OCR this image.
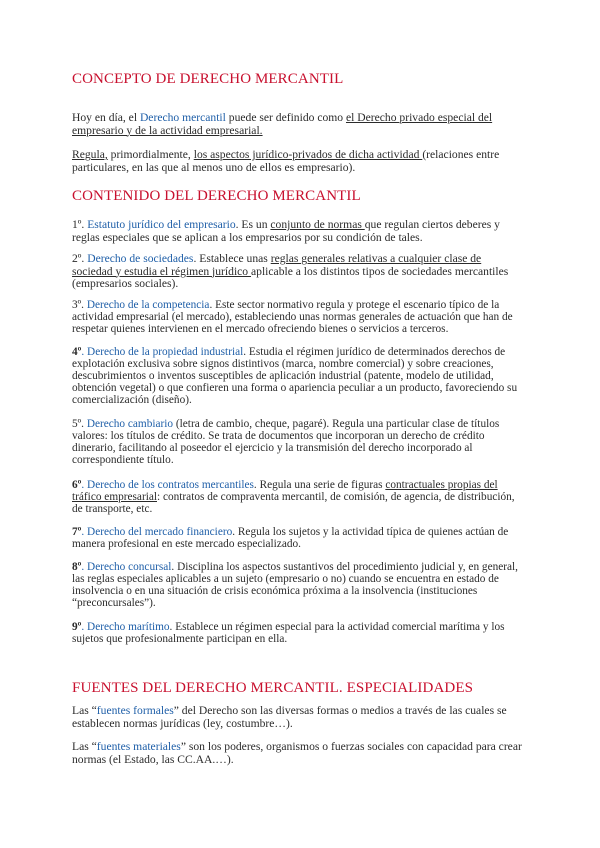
CONCEPTO DE DERECHO MERCANTIL

Hoy en día, el Derecho mercantil puede ser definido como el Derecho privado especial del empresario y de la actividad empresarial.

Regula, primordialmente, los aspectos jurídico-privados de dicha actividad (relaciones entre particulares, en las que al menos uno de ellos es empresario).

CONTENIDO DEL DERECHO MERCANTIL

1º. Estatuto jurídico del empresario. Es un conjunto de normas que regulan ciertos deberes y reglas especiales que se aplican a los empresarios por su condición de tales.

2º. Derecho de sociedades. Establece unas reglas generales relativas a cualquier clase de sociedad y estudia el régimen jurídico aplicable a los distintos tipos de sociedades mercantiles (empresarios sociales).

3º. Derecho de la competencia. Este sector normativo regula y protege el escenario típico de la actividad empresarial (el mercado), estableciendo unas normas generales de actuación que han de respetar quienes intervienen en el mercado ofreciendo bienes o servicios a terceros.

4º. Derecho de la propiedad industrial. Estudia el régimen jurídico de determinados derechos de explotación exclusiva sobre signos distintivos (marca, nombre comercial) y sobre creaciones, descubrimientos o inventos susceptibles de aplicación industrial (patente, modelo de utilidad, obtención vegetal) o que confieren una forma o apariencia peculiar a un producto, favoreciendo su comercialización (diseño).

5º. Derecho cambiario (letra de cambio, cheque, pagaré). Regula una particular clase de títulos valores: los títulos de crédito. Se trata de documentos que incorporan un derecho de crédito dinerario, facilitando al poseedor el ejercicio y la transmisión del derecho incorporado al correspondiente título.

6º. Derecho de los contratos mercantiles. Regula una serie de figuras contractuales propias del tráfico empresarial: contratos de compraventa mercantil, de comisión, de agencia, de distribución, de transporte, etc.

7º. Derecho del mercado financiero. Regula los sujetos y la actividad típica de quienes actúan de manera profesional en este mercado especializado.

8º. Derecho concursal. Disciplina los aspectos sustantivos del procedimiento judicial y, en general, las reglas especiales aplicables a un sujeto (empresario o no) cuando se encuentra en estado de insolvencia o en una situación de crisis económica próxima a la insolvencia (instituciones “preconcursales”).

9º. Derecho marítimo. Establece un régimen especial para la actividad comercial marítima y los sujetos que profesionalmente participan en ella.

FUENTES DEL DERECHO MERCANTIL. ESPECIALIDADES

Las “fuentes formales” del Derecho son las diversas formas o medios a través de las cuales se establecen normas jurídicas (ley, costumbre…).

Las “fuentes materiales” son los poderes, organismos o fuerzas sociales con capacidad para crear normas (el Estado, las CC.AA.…).
